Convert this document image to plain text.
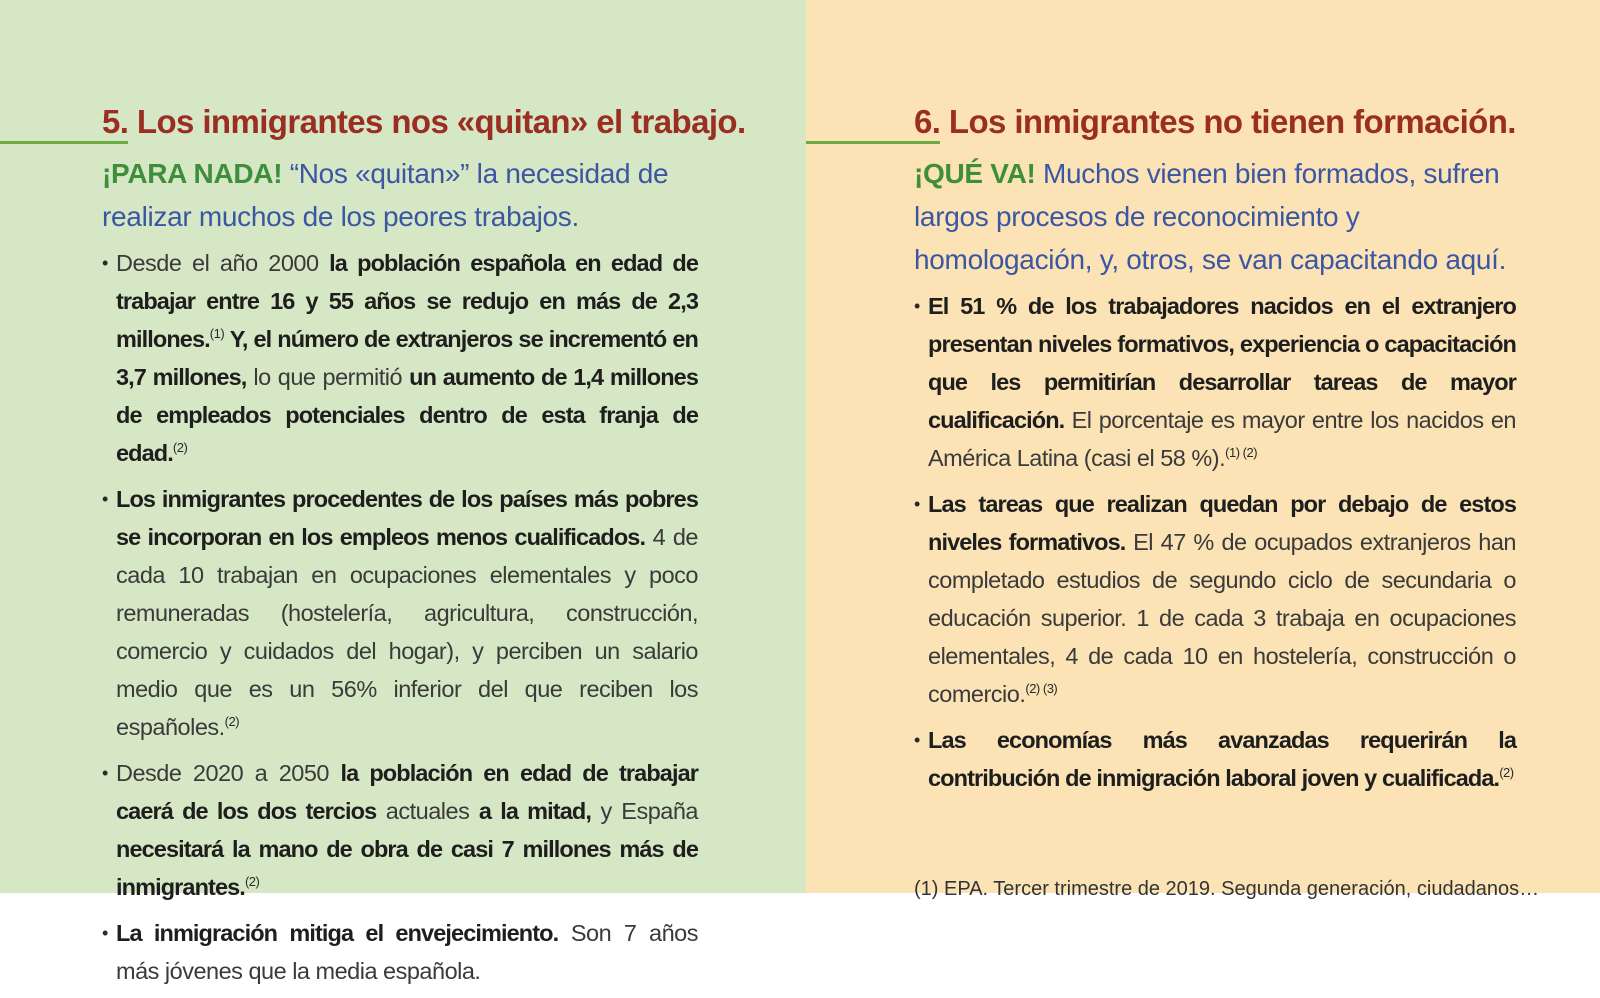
5. Los inmigrantes nos «quitan» el trabajo.

¡PARA NADA! “Nos «quitan»” la necesidad de realizar muchos de los peores trabajos.

• Desde el año 2000 la población española en edad de trabajar entre 16 y 55 años se redujo en más de 2,3 millones.$^{(1)}$ Y, el número de extranjeros se incrementó en 3,7 millones, lo que permitió un aumento de 1,4 millones de empleados potenciales dentro de esta franja de edad.$^{(2)}$
• Los inmigrantes procedentes de los países más pobres se incorporan en los empleos menos cualificados. 4 de cada 10 trabajan en ocupaciones elementales y poco remuneradas (hostelería, agricultura, construcción, comercio y cuidados del hogar), y perciben un salario medio que es un 56% inferior del que reciben los españoles.$^{(2)}$
• Desde 2020 a 2050 la población en edad de trabajar caerá de los dos tercios actuales a la mitad, y España necesitará la mano de obra de casi 7 millones más de inmigrantes.$^{(2)}$
• La inmigración mitiga el envejecimiento. Son 7 años más jóvenes que la media española.
6. Los inmigrantes no tienen formación.

¡QUÉ VA! Muchos vienen bien formados, sufren largos procesos de reconocimiento y homologación, y, otros, se van capacitando aquí.

• El 51 % de los trabajadores nacidos en el extranjero presentan niveles formativos, experiencia o capacitación que les permitirían desarrollar tareas de mayor cualificación. El porcentaje es mayor entre los nacidos en América Latina (casi el 58 %).$^{(1) (2)}$
• Las tareas que realizan quedan por debajo de estos niveles formativos. El 47 % de ocupados extranjeros han completado estudios de segundo ciclo de secundaria o educación superior. 1 de cada 3 trabaja en ocupaciones elementales, 4 de cada 10 en hostelería, construcción o comercio.$^{(2) (3)}$
• Las economías más avanzadas requerirán la contribución de inmigración laboral joven y cualificada.$^{(2)}$
(1) EPA. Tercer trimestre de 2019. Segunda generación, ciudadanos…
